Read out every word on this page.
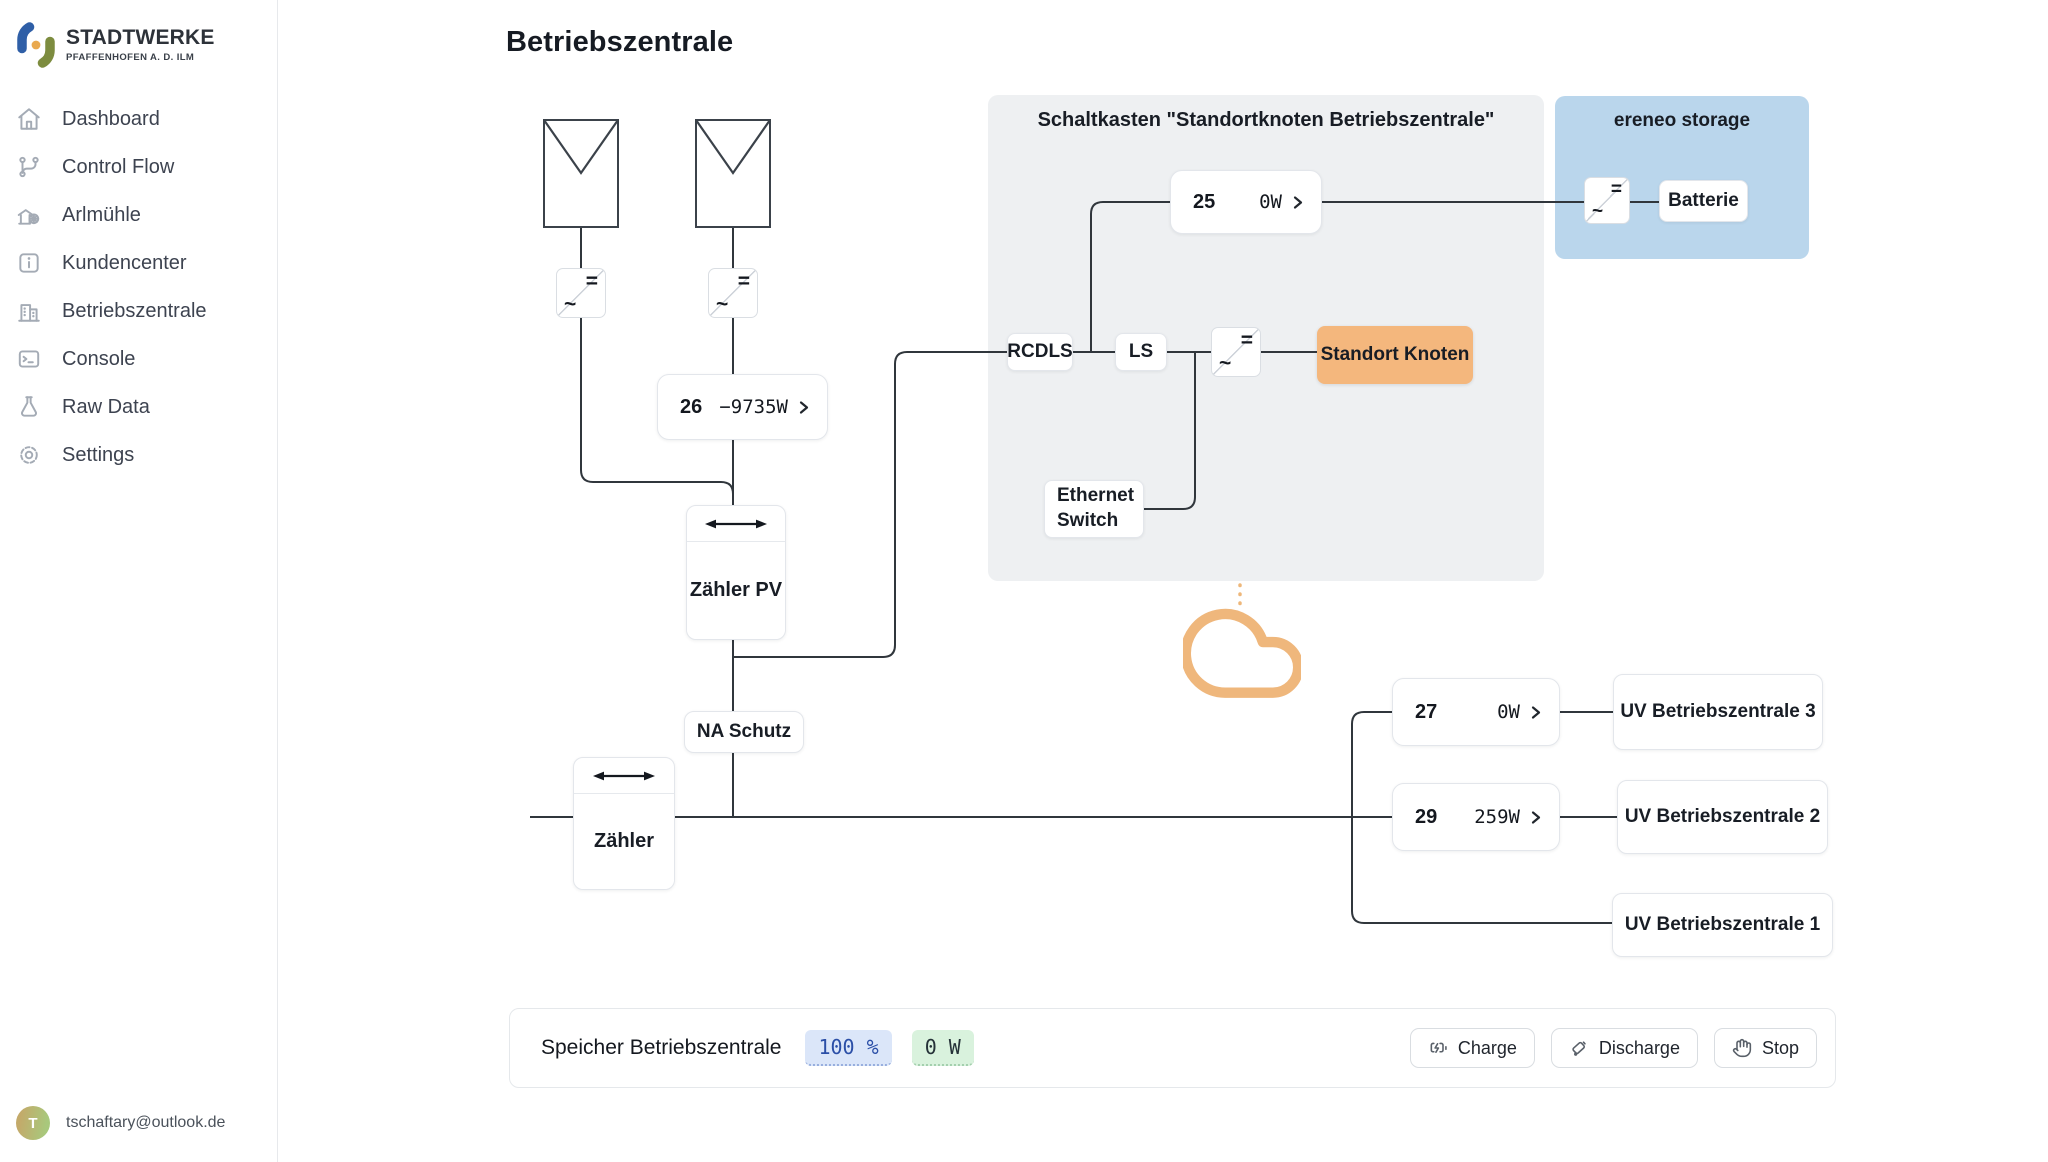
STADTWERKE
PFAFFENHOFEN A. D. ILM
Dashboard
Control Flow
Arlmühle
Kundencenter
Betriebszentrale
Console
Raw Data
Settings
T	tschaftary@outlook.de
Betriebszentrale
Schaltkasten "Standortknoten Betriebszentrale"	ereneo storage
=
~
=
~
26 −9735W
25 0W
27	0W
29 259W
Zähler PV
NA Schutz
Zähler
RCDLS	LS	=
~	Standort Knoten
Ethernet Switch
=
~
Batterie
UV Betriebszentrale 3
UV Betriebszentrale 2
UV Betriebszentrale 1
Speicher Betriebszentrale	100 %	0 W	Charge	Discharge	Stop
